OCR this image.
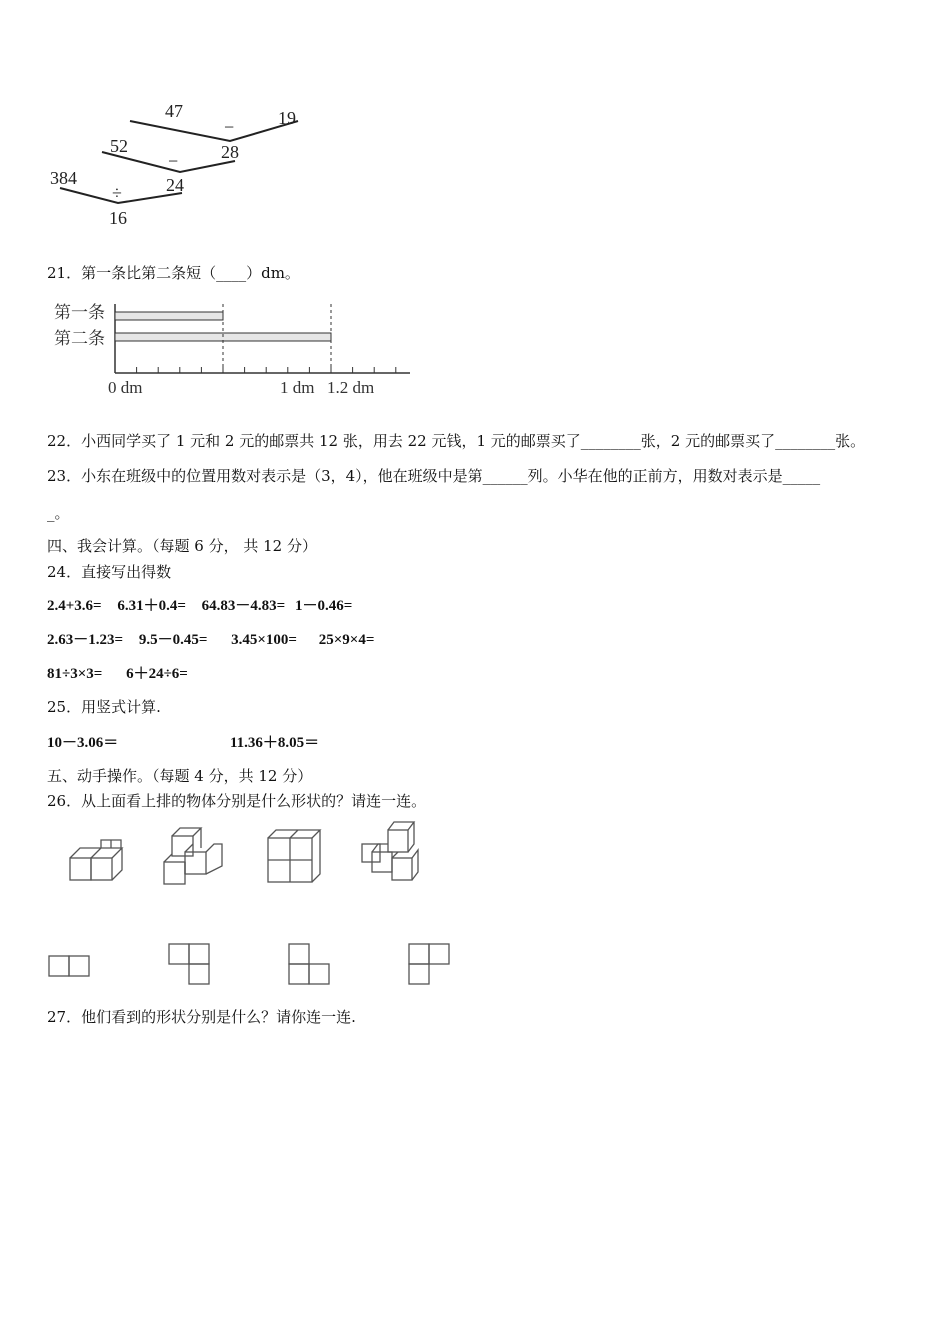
47	19
−
28
52
−
24
384
÷
16
21．第一条比第二条短（____）dm。
第一条
第二条
0 dm	1 dm 1.2 dm
22．小西同学买了 1 元和 2 元的邮票共 12 张，用去 22 元钱，1 元的邮票买了________张，2 元的邮票买了________张。
23．小东在班级中的位置用数对表示是（3，4），他在班级中是第______列。小华在他的正前方，用数对表示是_____
_。
四、我会计算。（每题 6 分， 共 12 分）
24．直接写出得数
2.4+3.6= 6.31＋0.4= 64.83－4.83= 1－0.46=
2.63－1.23= 9.5－0.45= 3.45×100= 25×9×4=
81÷3×3= 6＋24÷6=
25．用竖式计算.
10－3.06＝	11.36＋8.05＝
五、动手操作。（每题 4 分，共 12 分）
26．从上面看上排的物体分别是什么形状的？请连一连。
27．他们看到的形状分别是什么？请你连一连.
